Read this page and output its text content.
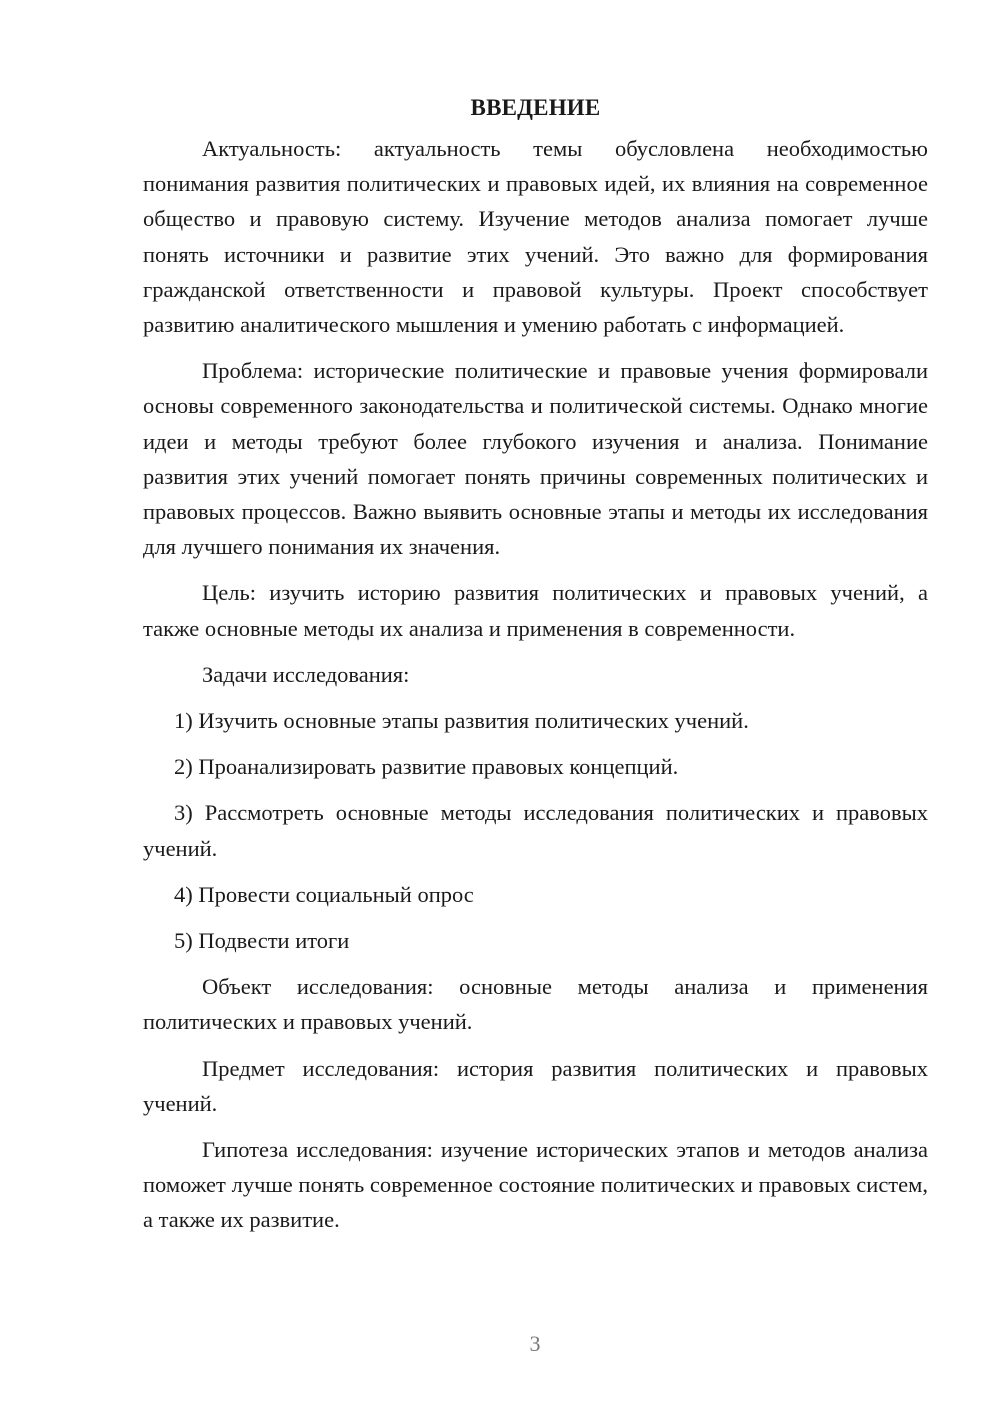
ВВЕДЕНИЕ

Актуальность: актуальность темы обусловлена необходимостью понимания развития политических и правовых идей, их влияния на современное общество и правовую систему. Изучение методов анализа помогает лучше понять источники и развитие этих учений. Это важно для формирования гражданской ответственности и правовой культуры. Проект способствует развитию аналитического мышления и умению работать с информацией.

Проблема: исторические политические и правовые учения формировали основы современного законодательства и политической системы. Однако многие идеи и методы требуют более глубокого изучения и анализа. Понимание развития этих учений помогает понять причины современных политических и правовых процессов. Важно выявить основные этапы и методы их исследования для лучшего понимания их значения.

Цель: изучить историю развития политических и правовых учений, а также основные методы их анализа и применения в современности.

Задачи исследования:

1) Изучить основные этапы развития политических учений.

2) Проанализировать развитие правовых концепций.

3) Рассмотреть основные методы исследования политических и правовых учений.

4) Провести социальный опрос

5) Подвести итоги

Объект исследования: основные методы анализа и применения политических и правовых учений.

Предмет исследования: история развития политических и правовых учений.

Гипотеза исследования: изучение исторических этапов и методов анализа поможет лучше понять современное состояние политических и правовых систем, а также их развитие.

3
